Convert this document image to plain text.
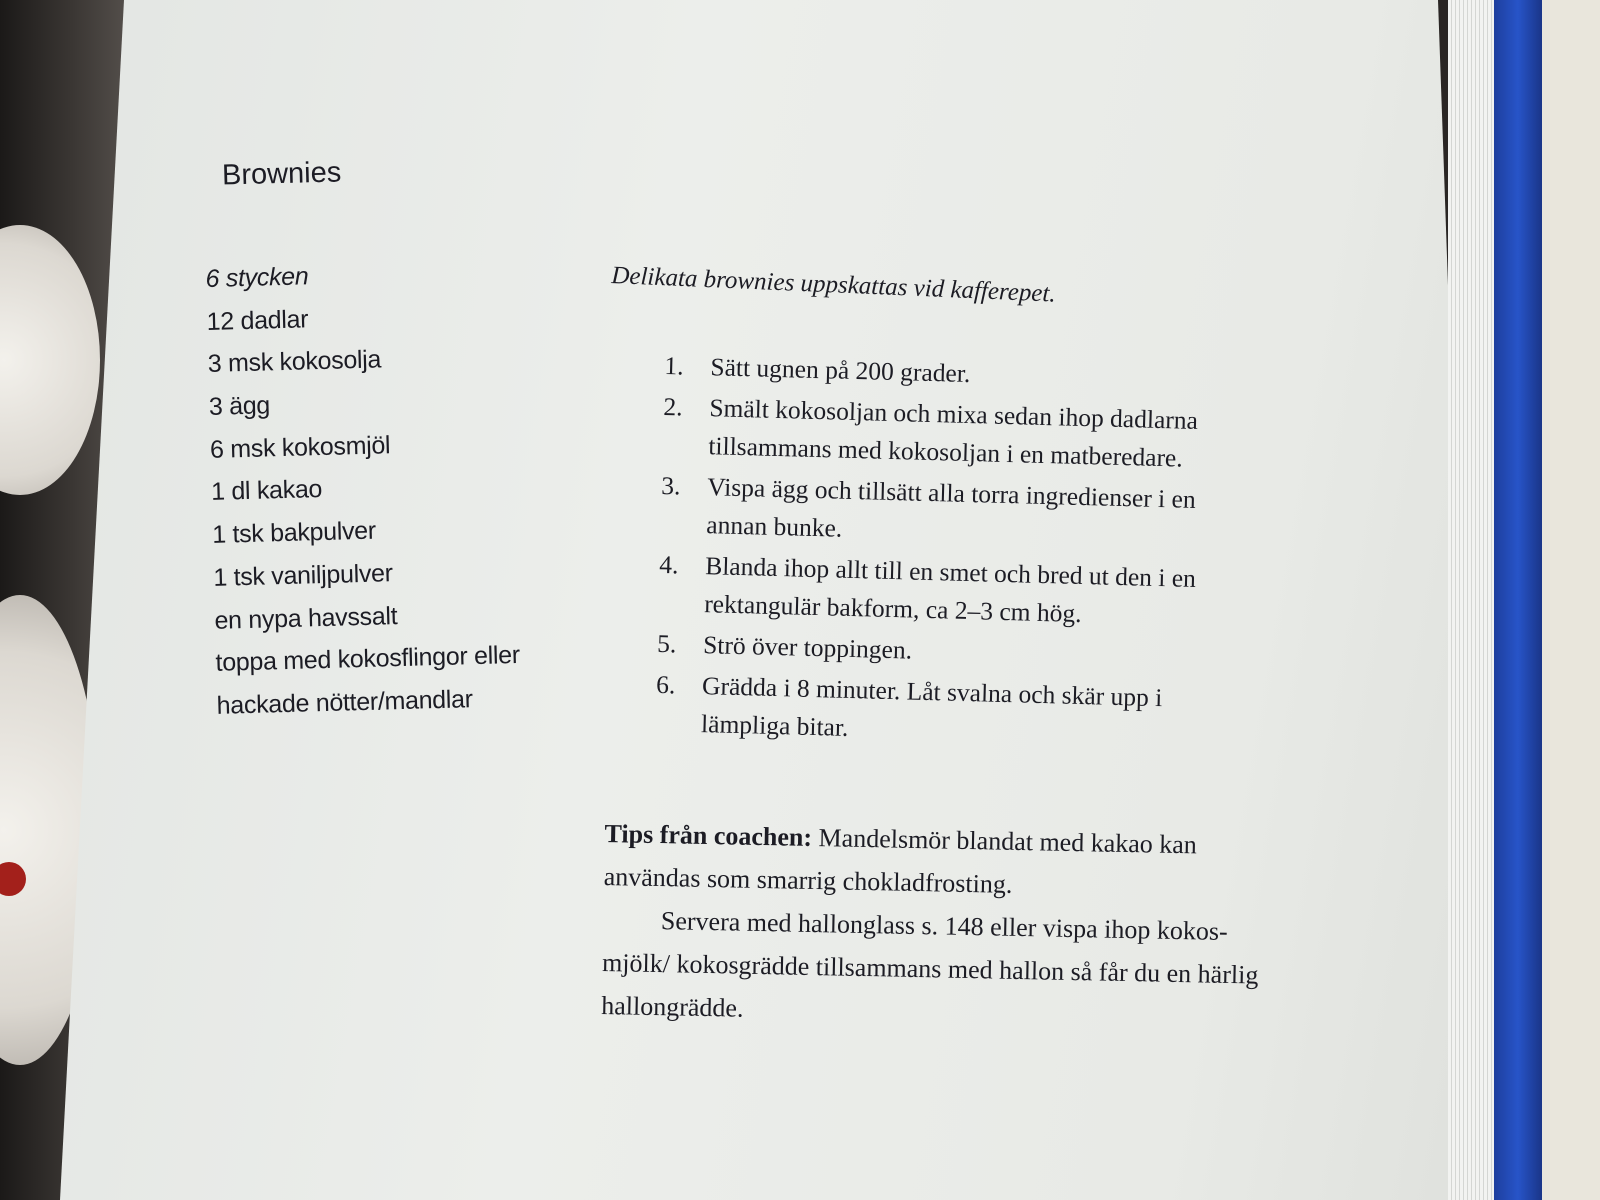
Brownies
6 stycken
12 dadlar
3 msk kokosolja
3 ägg
6 msk kokosmjöl
1 dl kakao
1 tsk bakpulver
1 tsk vaniljpulver
en nypa havssalt
toppa med kokosflingor eller
hackade nötter/mandlar
Delikata brownies uppskattas vid kafferepet.
1. Sätt ugnen på 200 grader.
2. Smält kokosoljan och mixa sedan ihop dadlarna tillsammans med kokosoljan i en matberedare.
3. Vispa ägg och tillsätt alla torra ingredienser i en annan bunke.
4. Blanda ihop allt till en smet och bred ut den i en rektangulär bakform, ca 2–3 cm hög.
5. Strö över toppingen.
6. Grädda i 8 minuter. Låt svalna och skär upp i lämpliga bitar.

Tips från coachen: Mandelsmör blandat med kakao kan användas som smarrig chokladfrosting.

Servera med hallonglass s. 148 eller vispa ihop kokos-mjölk/ kokosgrädde tillsammans med hallon så får du en härlig hallongrädde.
